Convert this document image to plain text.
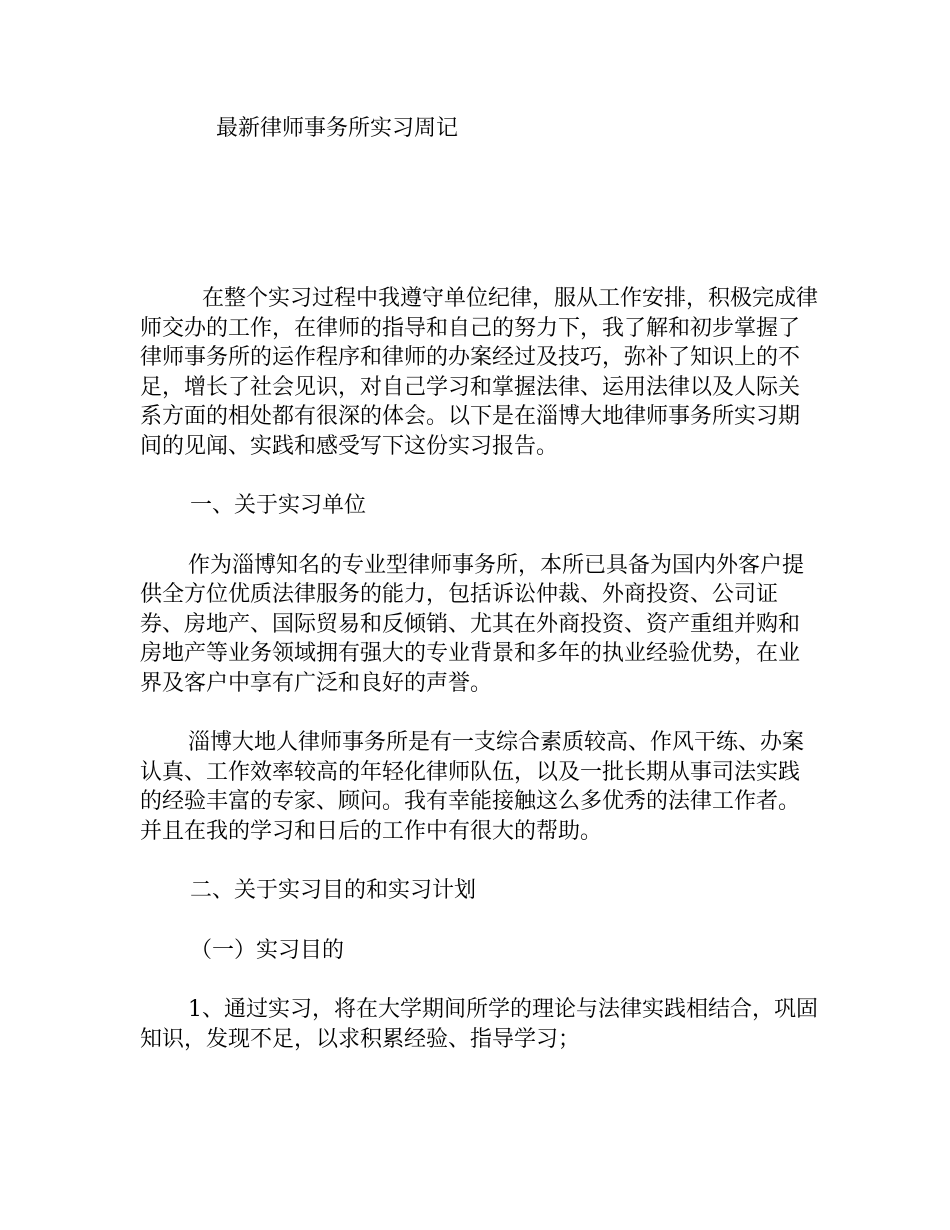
最新律师事务所实习周记

在整个实习过程中我遵守单位纪律，服从工作安排，积极完成律师交办的工作，在律师的指导和自己的努力下，我了解和初步掌握了律师事务所的运作程序和律师的办案经过及技巧，弥补了知识上的不足，增长了社会见识，对自己学习和掌握法律、运用法律以及人际关系方面的相处都有很深的体会。以下是在淄博大地律师事务所实习期间的见闻、实践和感受写下这份实习报告。

一、关于实习单位

作为淄博知名的专业型律师事务所，本所已具备为国内外客户提供全方位优质法律服务的能力，包括诉讼仲裁、外商投资、公司证券、房地产、国际贸易和反倾销、尤其在外商投资、资产重组并购和房地产等业务领域拥有强大的专业背景和多年的执业经验优势，在业界及客户中享有广泛和良好的声誉。

淄博大地人律师事务所是有一支综合素质较高、作风干练、办案认真、工作效率较高的年轻化律师队伍，以及一批长期从事司法实践的经验丰富的专家、顾问。我有幸能接触这么多优秀的法律工作者。并且在我的学习和日后的工作中有很大的帮助。

二、关于实习目的和实习计划

（一）实习目的

1、通过实习，将在大学期间所学的理论与法律实践相结合，巩固知识，发现不足，以求积累经验、指导学习；
